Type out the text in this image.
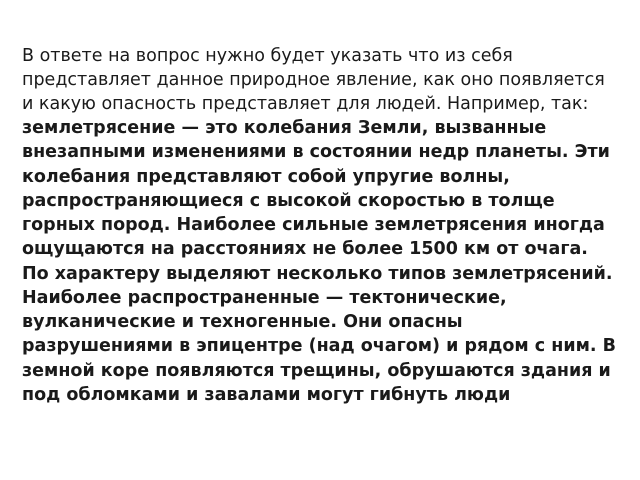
В ответе на вопрос нужно будет указать что из себя представляет данное природное явление, как оно появляется и какую опасность представляет для людей. Например, так: землетрясение — это колебания Земли, вызванные внезапными изменениями в состоянии недр планеты. Эти колебания представляют собой упругие волны, распространяющиеся с высокой скоростью в толще горных пород. Наиболее сильные землетрясения иногда ощущаются на расстояниях не более 1500 км от очага. По характеру выделяют несколько типов землетрясений. Наиболее распространенные — тектонические, вулканические и техногенные. Они опасны разрушениями в эпицентре (над очагом) и рядом с ним. В земной коре появляются трещины, обрушаются здания и под обломками и завалами могут гибнуть люди
